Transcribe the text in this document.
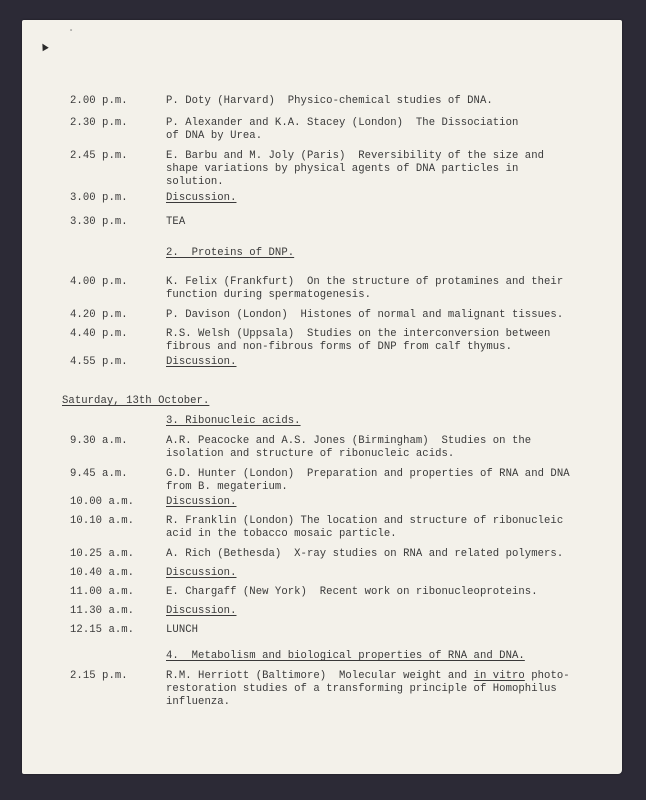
▲
°
2.00 p.m.	P. Doty (Harvard)  Physico-chemical studies of DNA.
2.30 p.m.	P. Alexander and K.A. Stacey (London)  The Dissociation
of DNA by Urea.
2.45 p.m.	E. Barbu and M. Joly (Paris)  Reversibility of the size and
shape variations by physical agents of DNA particles in
solution.
3.00 p.m.	Discussion.
3.30 p.m.	TEA
2.  Proteins of DNP.
4.00 p.m.	K. Felix (Frankfurt)  On the structure of protamines and their
function during spermatogenesis.
4.20 p.m.	P. Davison (London)  Histones of normal and malignant tissues.
4.40 p.m.	R.S. Welsh (Uppsala)  Studies on the interconversion between
fibrous and non-fibrous forms of DNP from calf thymus.
4.55 p.m.	Discussion.
Saturday, 13th October.
3. Ribonucleic acids.
9.30 a.m.	A.R. Peacocke and A.S. Jones (Birmingham)  Studies on the
isolation and structure of ribonucleic acids.
9.45 a.m.	G.D. Hunter (London)  Preparation and properties of RNA and DNA
from B. megaterium.
10.00 a.m.	Discussion.
10.10 a.m.	R. Franklin (London) The location and structure of ribonucleic
acid in the tobacco mosaic particle.
10.25 a.m.	A. Rich (Bethesda)  X-ray studies on RNA and related polymers.
10.40 a.m.	Discussion.
11.00 a.m.	E. Chargaff (New York)  Recent work on ribonucleoproteins.
11.30 a.m.	Discussion.
12.15 a.m.	LUNCH
4.  Metabolism and biological properties of RNA and DNA.
2.15 p.m.	R.M. Herriott (Baltimore)  Molecular weight and in vitro photo-
restoration studies of a transforming principle of Homophilus
influenza.
